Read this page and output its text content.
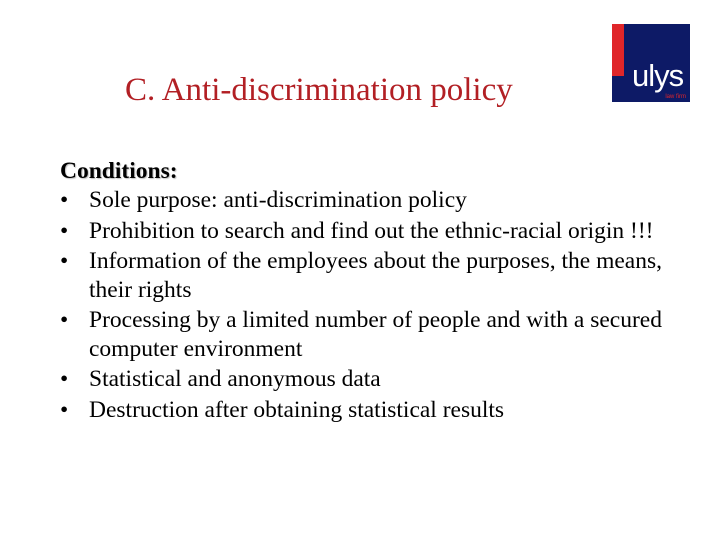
C. Anti-discrimination policy	ulys
law firm
Conditions:
• Sole purpose: anti-discrimination policy
• Prohibition to search and find out the ethnic-racial origin !!!
• Information of the employees about the purposes, the means, their rights
• Processing by a limited number of people and with a secured computer environment
• Statistical and anonymous data
• Destruction after obtaining statistical results
